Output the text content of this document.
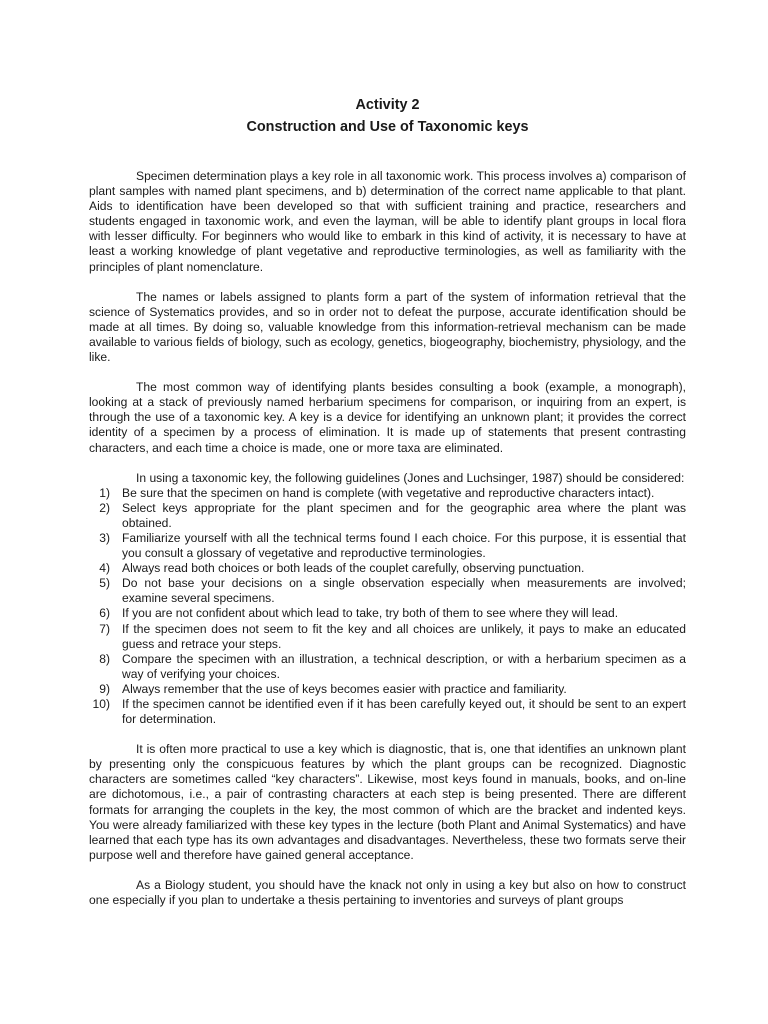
Activity 2
Construction and Use of Taxonomic keys

Specimen determination plays a key role in all taxonomic work. This process involves a) comparison of plant samples with named plant specimens, and b) determination of the correct name applicable to that plant. Aids to identification have been developed so that with sufficient training and practice, researchers and students engaged in taxonomic work, and even the layman, will be able to identify plant groups in local flora with lesser difficulty. For beginners who would like to embark in this kind of activity, it is necessary to have at least a working knowledge of plant vegetative and reproductive terminologies, as well as familiarity with the principles of plant nomenclature.

The names or labels assigned to plants form a part of the system of information retrieval that the science of Systematics provides, and so in order not to defeat the purpose, accurate identification should be made at all times. By doing so, valuable knowledge from this information-retrieval mechanism can be made available to various fields of biology, such as ecology, genetics, biogeography, biochemistry, physiology, and the like.

The most common way of identifying plants besides consulting a book (example, a monograph), looking at a stack of previously named herbarium specimens for comparison, or inquiring from an expert, is through the use of a taxonomic key. A key is a device for identifying an unknown plant; it provides the correct identity of a specimen by a process of elimination. It is made up of statements that present contrasting characters, and each time a choice is made, one or more taxa are eliminated.

In using a taxonomic key, the following guidelines (Jones and Luchsinger, 1987) should be considered:

1) Be sure that the specimen on hand is complete (with vegetative and reproductive characters intact).
2) Select keys appropriate for the plant specimen and for the geographic area where the plant was obtained.
3) Familiarize yourself with all the technical terms found I each choice. For this purpose, it is essential that you consult a glossary of vegetative and reproductive terminologies.
4) Always read both choices or both leads of the couplet carefully, observing punctuation.
5) Do not base your decisions on a single observation especially when measurements are involved; examine several specimens.
6) If you are not confident about which lead to take, try both of them to see where they will lead.
7) If the specimen does not seem to fit the key and all choices are unlikely, it pays to make an educated guess and retrace your steps.
8) Compare the specimen with an illustration, a technical description, or with a herbarium specimen as a way of verifying your choices.
9) Always remember that the use of keys becomes easier with practice and familiarity.
10) If the specimen cannot be identified even if it has been carefully keyed out, it should be sent to an expert for determination.

It is often more practical to use a key which is diagnostic, that is, one that identifies an unknown plant by presenting only the conspicuous features by which the plant groups can be recognized. Diagnostic characters are sometimes called “key characters”. Likewise, most keys found in manuals, books, and on-line are dichotomous, i.e., a pair of contrasting characters at each step is being presented. There are different formats for arranging the couplets in the key, the most common of which are the bracket and indented keys. You were already familiarized with these key types in the lecture (both Plant and Animal Systematics) and have learned that each type has its own advantages and disadvantages. Nevertheless, these two formats serve their purpose well and therefore have gained general acceptance.

As a Biology student, you should have the knack not only in using a key but also on how to construct one especially if you plan to undertake a thesis pertaining to inventories and surveys of plant groups
